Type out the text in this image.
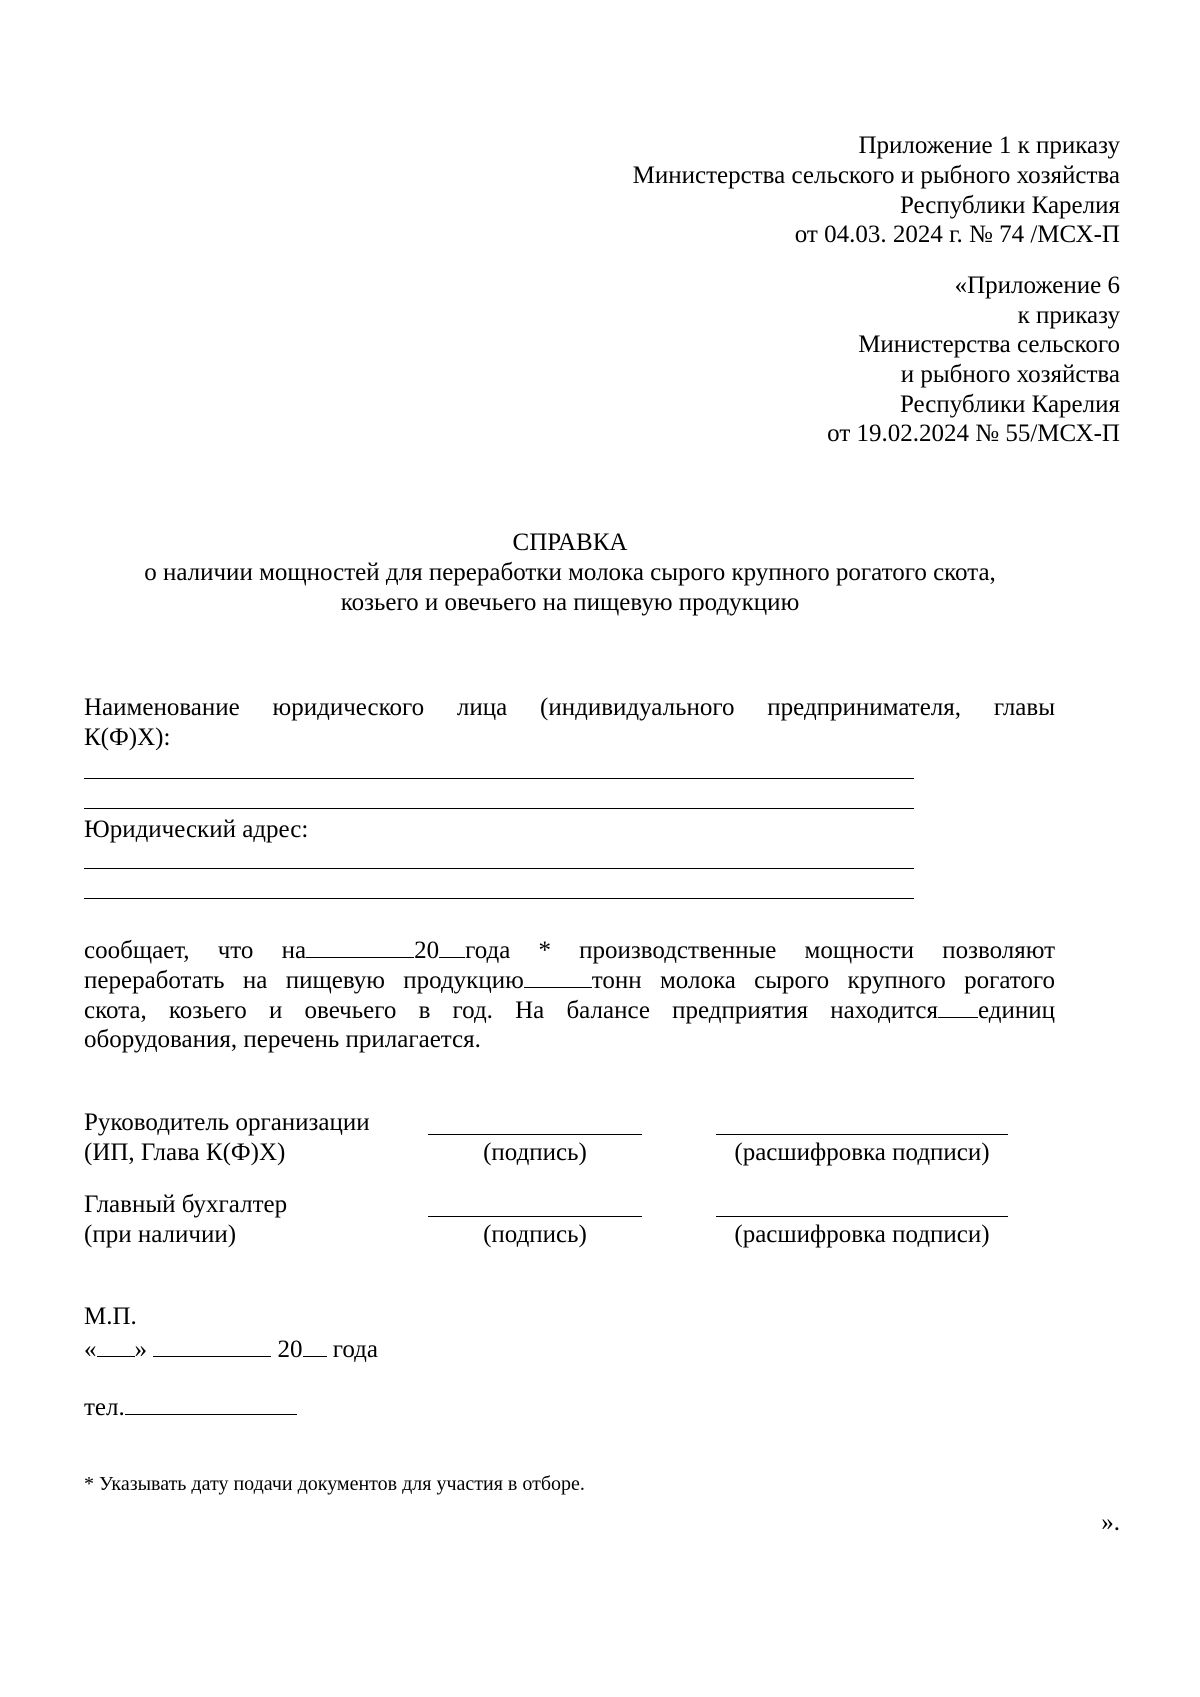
Приложение 1 к приказу
Министерства сельского и рыбного хозяйства
Республики Карелия
от 04.03. 2024 г. № 74 /МСХ-П
«Приложение 6
к приказу
Министерства сельского
и рыбного хозяйства
Республики Карелия
от 19.02.2024 № 55/МСХ-П
СПРАВКА
о наличии мощностей для переработки молока сырого крупного рогатого скота,
козьего и овечьего на пищевую продукцию
Наименование юридического лица (индивидуального предпринимателя, главы
К(Ф)Х):
Юридический адрес:
сообщает, что на	20 года * производственные мощности позволяют
переработать на пищевую продукцию	тонн молока сырого крупного рогатого
скота, козьего и овечьего в год. На балансе предприятия находится единиц
оборудования, перечень прилагается.
Руководитель организации
(ИП, Глава К(Ф)Х)	(подпись)	(расшифровка подписи)
Главный бухгалтер
(при наличии)	(подпись)	(расшифровка подписи)
М.П.
« »	20 года
тел.
* Указывать дату подачи документов для участия в отборе.
».
